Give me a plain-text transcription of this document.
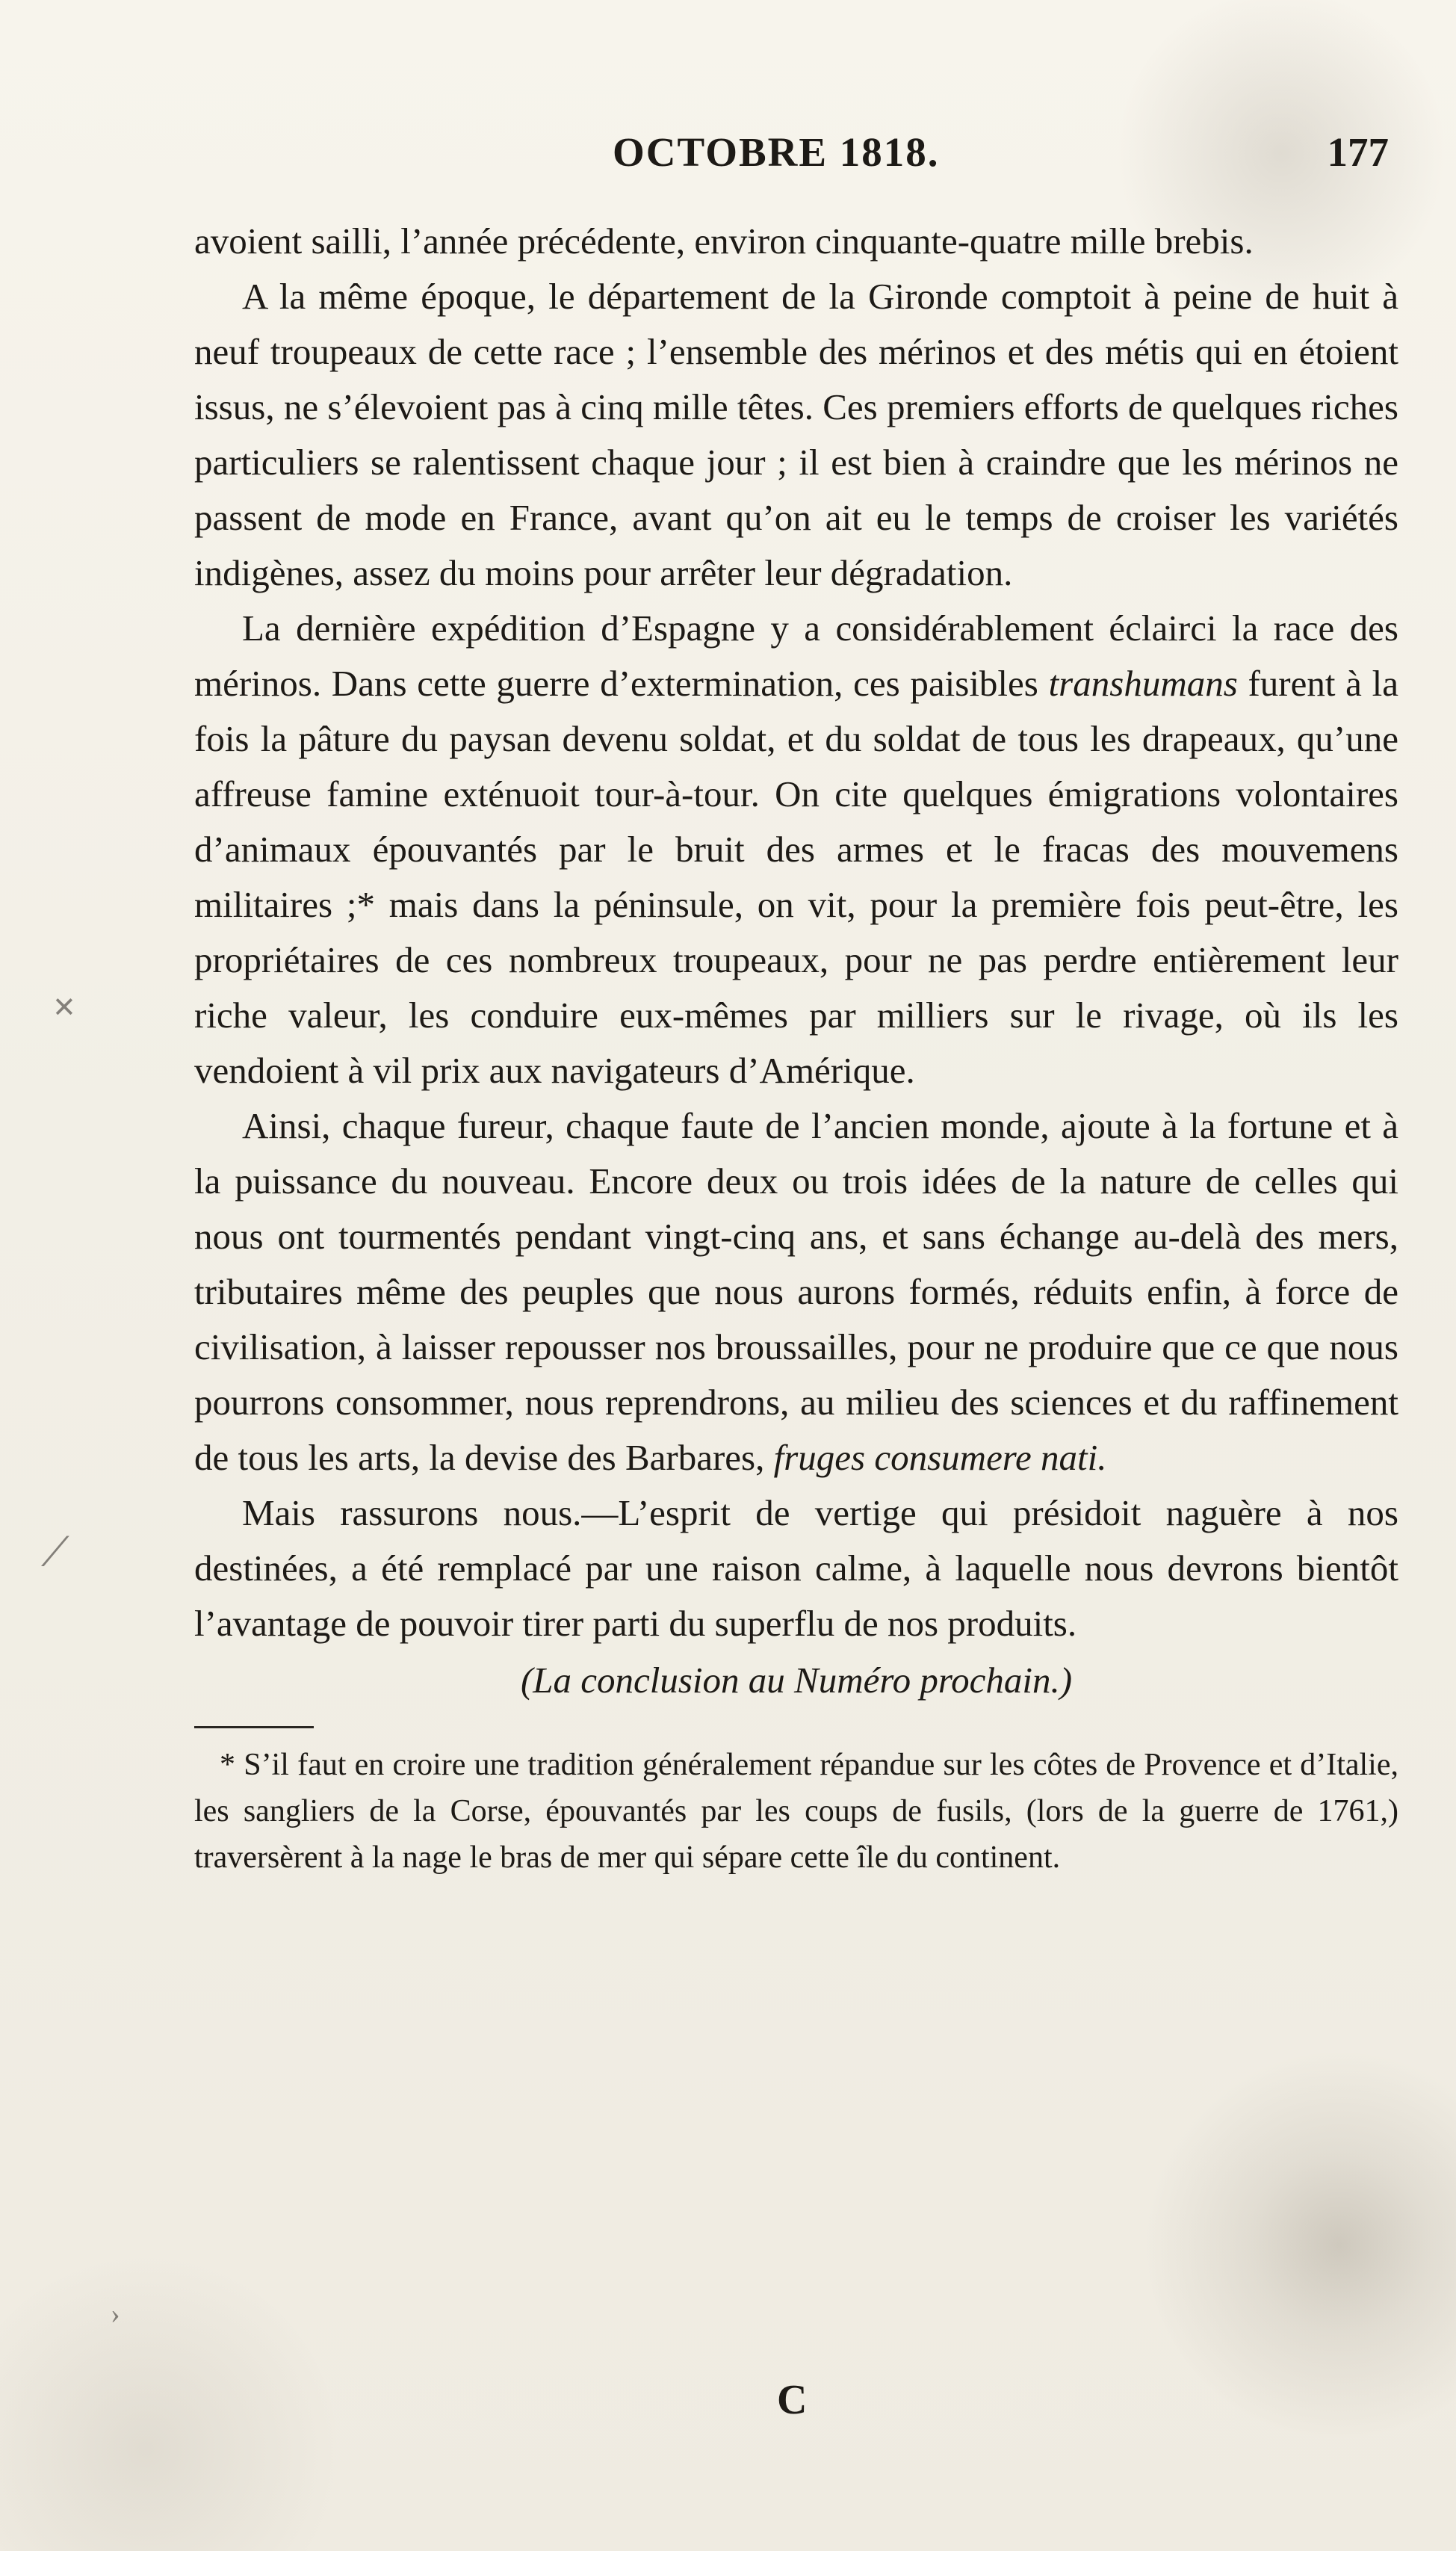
✕
⟋
›
OCTOBRE 1818.	177

avoient sailli, l’année précédente, environ cinquante-quatre mille brebis.

A la même époque, le département de la Gironde comptoit à peine de huit à neuf troupeaux de cette race ; l’ensemble des mérinos et des métis qui en étoient issus, ne s’élevoient pas à cinq mille têtes. Ces premiers efforts de quelques riches particuliers se ralentissent chaque jour ; il est bien à craindre que les mérinos ne passent de mode en France, avant qu’on ait eu le temps de croiser les variétés indigènes, assez du moins pour arrêter leur dégradation.

La dernière expédition d’Espagne y a considérablement éclairci la race des mérinos. Dans cette guerre d’extermination, ces paisibles transhumans furent à la fois la pâture du paysan devenu soldat, et du soldat de tous les drapeaux, qu’une affreuse famine exténuoit tour-à-tour. On cite quelques émigrations volontaires d’animaux épouvantés par le bruit des armes et le fracas des mouvemens militaires ;* mais dans la péninsule, on vit, pour la première fois peut-être, les propriétaires de ces nombreux troupeaux, pour ne pas perdre entièrement leur riche valeur, les conduire eux-mêmes par milliers sur le rivage, où ils les vendoient à vil prix aux navigateurs d’Amérique.

Ainsi, chaque fureur, chaque faute de l’ancien monde, ajoute à la fortune et à la puissance du nouveau. Encore deux ou trois idées de la nature de celles qui nous ont tourmentés pendant vingt-cinq ans, et sans échange au-delà des mers, tributaires même des peuples que nous aurons formés, réduits enfin, à force de civilisation, à laisser repousser nos broussailles, pour ne produire que ce que nous pourrons consommer, nous reprendrons, au milieu des sciences et du raffinement de tous les arts, la devise des Barbares, fruges consumere nati.

Mais rassurons nous.—L’esprit de vertige qui présidoit naguère à nos destinées, a été remplacé par une raison calme, à laquelle nous devrons bientôt l’avantage de pouvoir tirer parti du superflu de nos produits.

(La conclusion au Numéro prochain.)

* S’il faut en croire une tradition généralement répandue sur les côtes de Provence et d’Italie, les sangliers de la Corse, épouvantés par les coups de fusils, (lors de la guerre de 1761,) traversèrent à la nage le bras de mer qui sépare cette île du continent.

C
